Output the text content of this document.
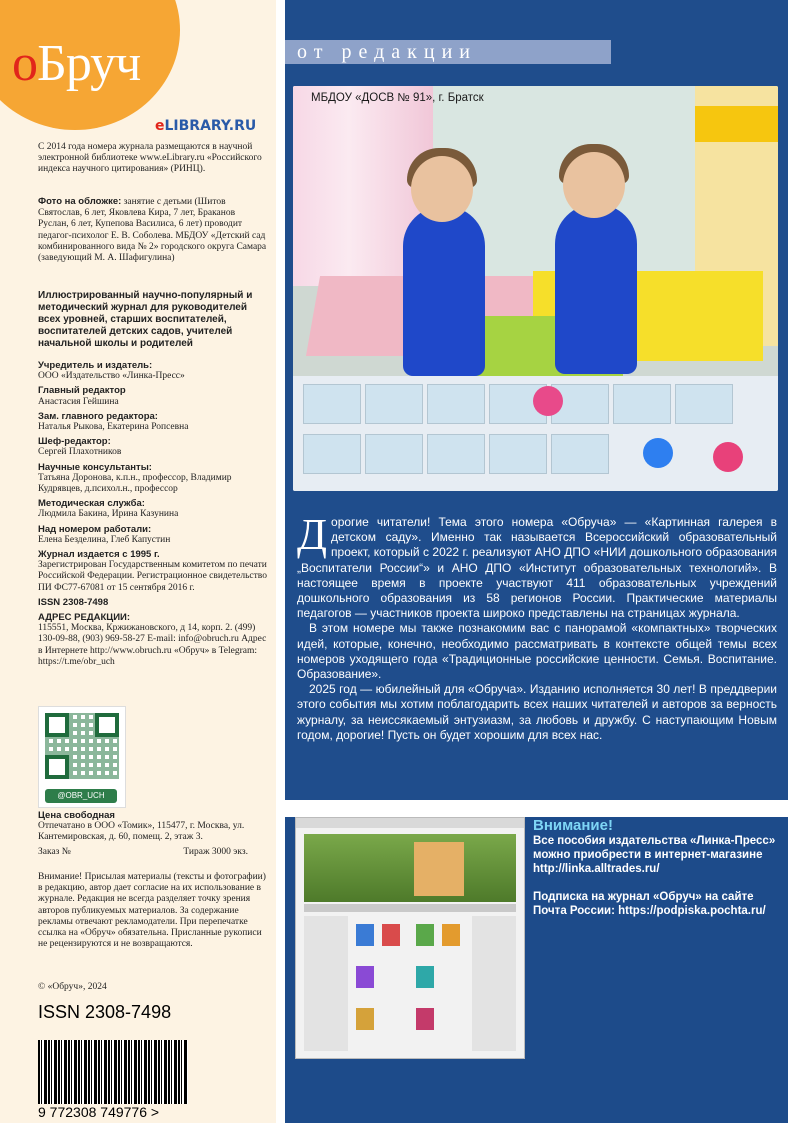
оБруч
eLIBRARY.RU
С 2014 года номера журнала размещаются в научной электронной библиотеке www.eLibrary.ru «Российского индекса научного цитирования» (РИНЦ).
Фото на обложке: занятие с детьми (Шитов Святослав, 6 лет, Яковлева Кира, 7 лет, Браканов Руслан, 6 лет, Купепова Василиса, 6 лет) проводит педагог-психолог Е. В. Соболева. МБДОУ «Детский сад комбинированного вида № 2» городского округа Самара (заведующий М. А. Шафигулина)
Иллюстрированный научно-популярный и методический журнал для руководителей всех уровней, старших воспитателей, воспитателей детских садов, учителей начальной школы и родителей
Учредитель и издатель:
ООО «Издательство «Линка-Пресс»
Главный редактор
Анастасия Гейшина
Зам. главного редактора:
Наталья Рыкова, Екатерина Ропсевна
Шеф-редактор:
Сергей Плахотников
Научные консультанты:
Татьяна Доронова, к.п.н., профессор, Владимир Кудрявцев, д.психол.н., профессор
Методическая служба:
Людмила Бакина, Ирина Казунина
Над номером работали:
Елена Безделина, Глеб Капустин
Журнал издается с 1995 г.
Зарегистрирован Государственным комитетом по печати Российской Федерации. Регистрационное свидетельство ПИ ФС77-67081 от 15 сентября 2016 г.
ISSN 2308-7498
АДРЕС РЕДАКЦИИ:
115551, Москва, Кржижановского, д 14, корп. 2. (499) 130-09-88, (903) 969-58-27 E-mail: info@obruch.ru Адрес в Интернете http://www.obruch.ru «Обруч» в Telegram: https://t.me/obr_uch
@OBR_UCH
Цена свободная
Отпечатано в ООО «Томик», 115477, г. Москва, ул. Кантемировская, д. 60, помещ. 2, этаж 3.
Заказ №	Тираж 3000 экз.
Внимание! Присылая материалы (тексты и фотографии) в редакцию, автор дает согласие на их использование в журнале. Редакция не всегда разделяет точку зрения авторов публикуемых материалов. За содержание рекламы отвечают рекламодатели. При перепечатке ссылка на «Обруч» обязательна. Присланные рукописи не рецензируются и не возвращаются.
© «Обруч», 2024
ISSN 2308-7498
9 772308 749776 >
от редакции
МБДОУ «ДОСВ № 91», г. Братск

Дорогие читатели! Тема этого номера «Обруча» — «Картинная галерея в детском саду». Именно так называется Всероссийский образовательный проект, который с 2022 г. реализуют АНО ДПО «НИИ дошкольного образования „Воспитатели России“» и АНО ДПО «Институт образовательных технологий». В настоящее время в проекте участвуют 411 образовательных учреждений дошкольного образования из 58 регионов России. Практические материалы педагогов — участников проекта широко представлены на страницах журнала.

В этом номере мы также познакомим вас с панорамой «компактных» творческих идей, которые, конечно, необходимо рассматривать в контексте общей темы всех номеров уходящего года «Традиционные российские ценности. Семья. Воспитание. Образование».

2025 год — юбилейный для «Обруча». Изданию исполняется 30 лет! В преддверии этого события мы хотим поблагодарить всех наших читателей и авторов за верность журналу, за неиссякаемый энтузиазм, за любовь и дружбу. С наступающим Новым годом, дорогие! Пусть он будет хорошим для всех нас.

Внимание!

Все пособия издательства «Линка-Пресс» можно приобрести в интернет-магазине http://linka.alltrades.ru/

Подписка на журнал «Обруч» на сайте Почта России: https://podpiska.pochta.ru/
